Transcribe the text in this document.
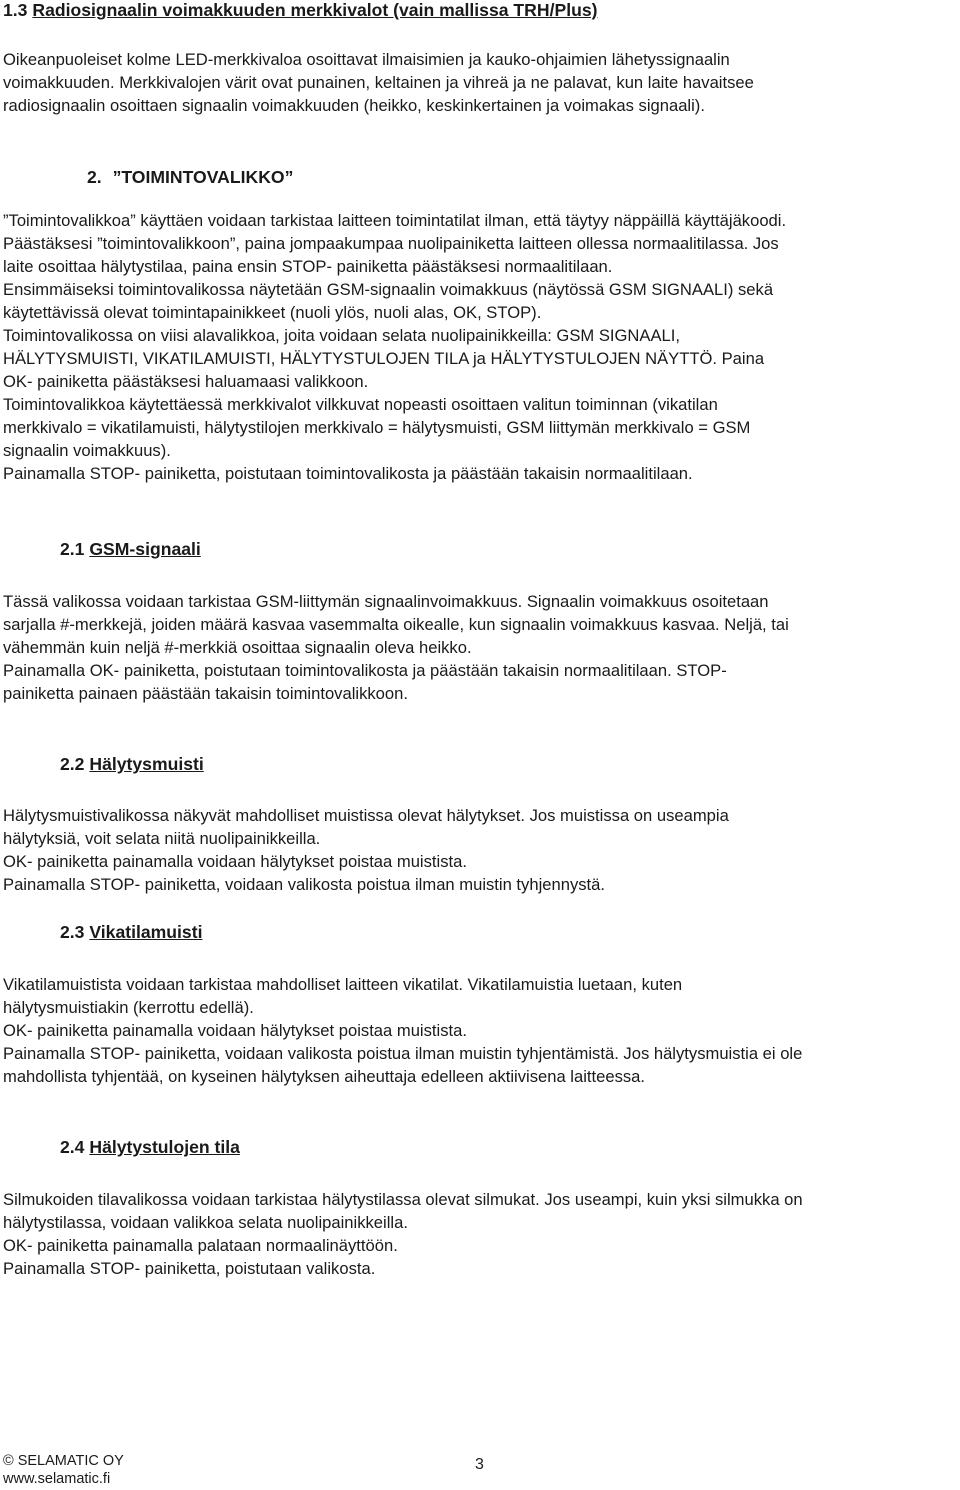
1.3 Radiosignaalin voimakkuuden merkkivalot (vain mallissa TRH/Plus)
Oikeanpuoleiset kolme LED-merkkivaloa osoittavat ilmaisimien ja kauko-ohjaimien lähetyssignaalin
voimakkuuden. Merkkivalojen värit ovat punainen, keltainen ja vihreä ja ne palavat, kun laite havaitsee
radiosignaalin osoittaen signaalin voimakkuuden (heikko, keskinkertainen ja voimakas signaali).
2. ”TOIMINTOVALIKKO”
”Toimintovalikkoa” käyttäen voidaan tarkistaa laitteen toimintatilat ilman, että täytyy näppäillä käyttäjäkoodi.
Päästäksesi ”toimintovalikkoon”, paina jompaakumpaa nuolipainiketta laitteen ollessa normaalitilassa. Jos
laite osoittaa hälytystilaa, paina ensin STOP- painiketta päästäksesi normaalitilaan.
Ensimmäiseksi toimintovalikossa näytetään GSM-signaalin voimakkuus (näytössä GSM SIGNAALI) sekä
käytettävissä olevat toimintapainikkeet (nuoli ylös, nuoli alas, OK, STOP).
Toimintovalikossa on viisi alavalikkoa, joita voidaan selata nuolipainikkeilla: GSM SIGNAALI,
HÄLYTYSMUISTI, VIKATILAMUISTI, HÄLYTYSTULOJEN TILA ja HÄLYTYSTULOJEN NÄYTTÖ. Paina
OK- painiketta päästäksesi haluamaasi valikkoon.
Toimintovalikkoa käytettäessä merkkivalot vilkkuvat nopeasti osoittaen valitun toiminnan (vikatilan
merkkivalo = vikatilamuisti, hälytystilojen merkkivalo = hälytysmuisti, GSM liittymän merkkivalo = GSM
signaalin voimakkuus).
Painamalla STOP- painiketta, poistutaan toimintovalikosta ja päästään takaisin normaalitilaan.
2.1 GSM-signaali
Tässä valikossa voidaan tarkistaa GSM-liittymän signaalinvoimakkuus. Signaalin voimakkuus osoitetaan
sarjalla #-merkkejä, joiden määrä kasvaa vasemmalta oikealle, kun signaalin voimakkuus kasvaa. Neljä, tai
vähemmän kuin neljä #-merkkiä osoittaa signaalin oleva heikko.
Painamalla OK- painiketta, poistutaan toimintovalikosta ja päästään takaisin normaalitilaan. STOP-
painiketta painaen päästään takaisin toimintovalikkoon.
2.2 Hälytysmuisti
Hälytysmuistivalikossa näkyvät mahdolliset muistissa olevat hälytykset. Jos muistissa on useampia
hälytyksiä, voit selata niitä nuolipainikkeilla.
OK- painiketta painamalla voidaan hälytykset poistaa muistista.
Painamalla STOP- painiketta, voidaan valikosta poistua ilman muistin tyhjennystä.
2.3 Vikatilamuisti
Vikatilamuistista voidaan tarkistaa mahdolliset laitteen vikatilat. Vikatilamuistia luetaan, kuten
hälytysmuistiakin (kerrottu edellä).
OK- painiketta painamalla voidaan hälytykset poistaa muistista.
Painamalla STOP- painiketta, voidaan valikosta poistua ilman muistin tyhjentämistä. Jos hälytysmuistia ei ole
mahdollista tyhjentää, on kyseinen hälytyksen aiheuttaja edelleen aktiivisena laitteessa.
2.4 Hälytystulojen tila
Silmukoiden tilavalikossa voidaan tarkistaa hälytystilassa olevat silmukat. Jos useampi, kuin yksi silmukka on
hälytystilassa, voidaan valikkoa selata nuolipainikkeilla.
OK- painiketta painamalla palataan normaalinäyttöön.
Painamalla STOP- painiketta, poistutaan valikosta.
© SELAMATIC OY
www.selamatic.fi
3
